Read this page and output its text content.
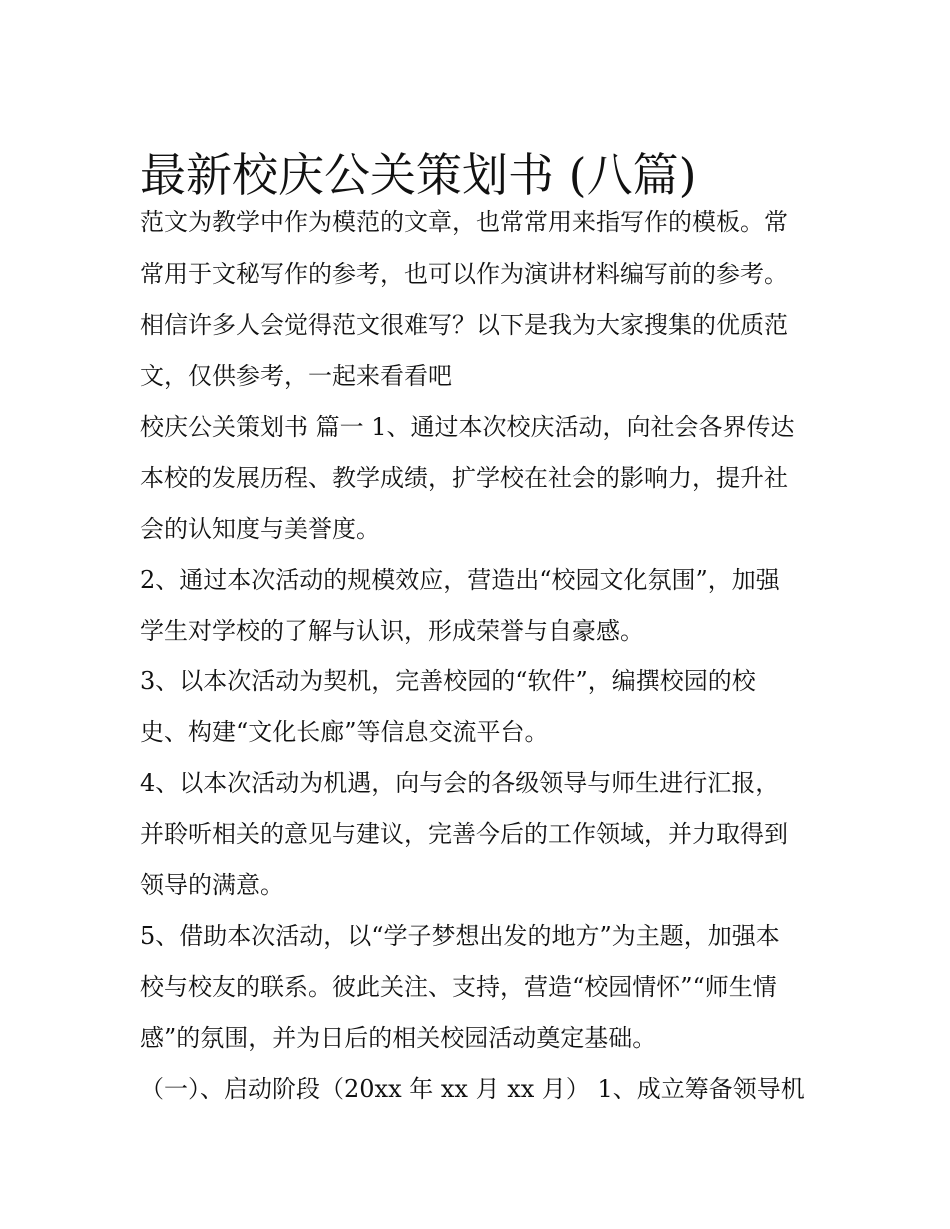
最新校庆公关策划书 (八篇)
范文为教学中作为模范的文章，也常常用来指写作的模板。常
常用于文秘写作的参考，也可以作为演讲材料编写前的参考。
相信许多人会觉得范文很难写？以下是我为大家搜集的优质范
文，仅供参考，一起来看看吧
校庆公关策划书 篇一 1、通过本次校庆活动，向社会各界传达
本校的发展历程、教学成绩，扩学校在社会的影响力，提升社
会的认知度与美誉度。
2、通过本次活动的规模效应，营造出“校园文化氛围”，加强
学生对学校的了解与认识，形成荣誉与自豪感。
3、以本次活动为契机，完善校园的“软件”，编撰校园的校
史、构建“文化长廊”等信息交流平台。
4、以本次活动为机遇，向与会的各级领导与师生进行汇报，
并聆听相关的意见与建议，完善今后的工作领域，并力取得到
领导的满意。
5、借助本次活动，以“学子梦想出发的地方”为主题，加强本
校与校友的联系。彼此关注、支持，营造“校园情怀”“师生情
感”的氛围，并为日后的相关校园活动奠定基础。
（一）、启动阶段（20xx 年 xx 月 xx 月） 1、成立筹备领导机
